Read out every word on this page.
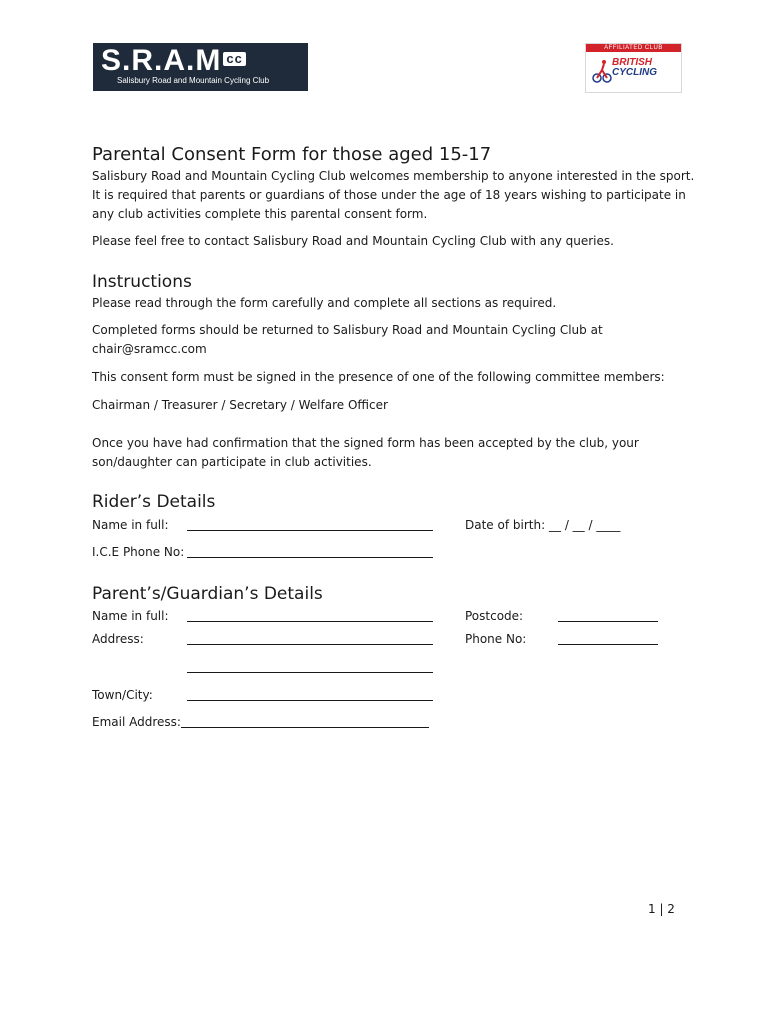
S.R.A.M cc
Salisbury Road and Mountain Cycling Club
AFFILIATED CLUB
BRITISH
CYCLING
Parental Consent Form for those aged 15-17
Salisbury Road and Mountain Cycling Club welcomes membership to anyone interested in the sport.
It is required that parents or guardians of those under the age of 18 years wishing to participate in
any club activities complete this parental consent form.
Please feel free to contact Salisbury Road and Mountain Cycling Club with any queries.
Instructions
Please read through the form carefully and complete all sections as required.
Completed forms should be returned to Salisbury Road and Mountain Cycling Club at
chair@sramcc.com
This consent form must be signed in the presence of one of the following committee members:
Chairman / Treasurer / Secretary / Welfare Officer
Once you have had confirmation that the signed form has been accepted by the club, your
son/daughter can participate in club activities.
Rider’s Details
Name in full:	Date of birth: __ / __ / ____
I.C.E Phone No:
Parent’s/Guardian’s Details
Name in full:	Postcode:
Address:	Phone No:
Town/City:
Email Address:
1 | 2
